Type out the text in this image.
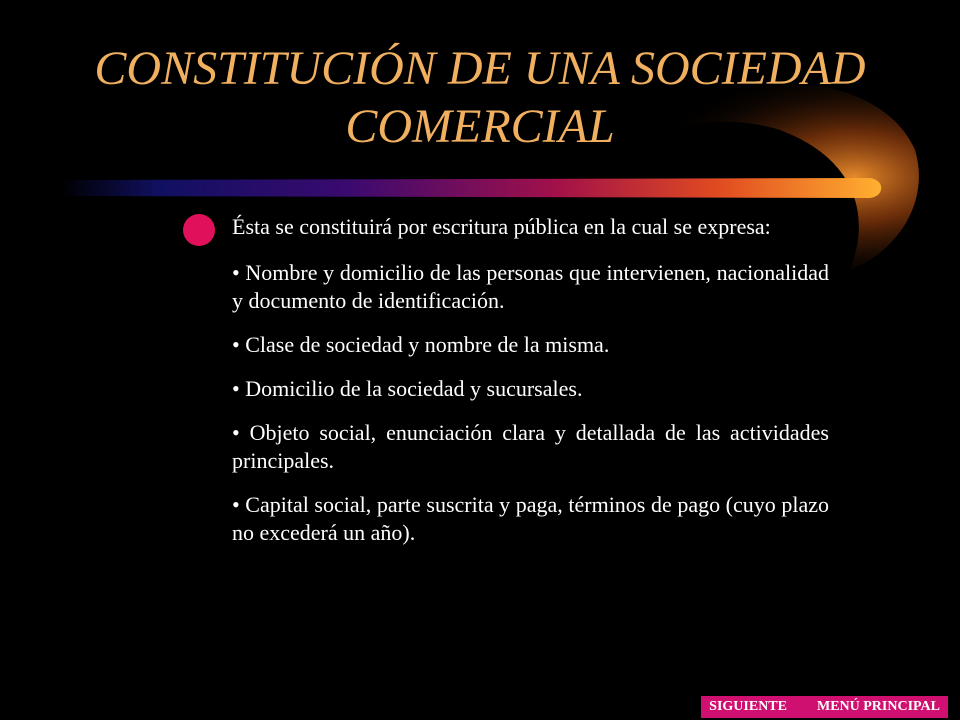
CONSTITUCIÓN DE UNA SOCIEDAD
COMERCIAL

Ésta se constituirá por escritura pública en la cual se expresa:

• Nombre y domicilio de las personas que intervienen, nacionalidad y documento de identificación.

• Clase de sociedad y nombre de la misma.

• Domicilio de la sociedad y sucursales.

• Objeto social, enunciación clara y detallada de las actividades principales.

• Capital social, parte suscrita y paga, términos de pago (cuyo plazo no excederá un año).

SIGUIENTE	MENÚ PRINCIPAL
